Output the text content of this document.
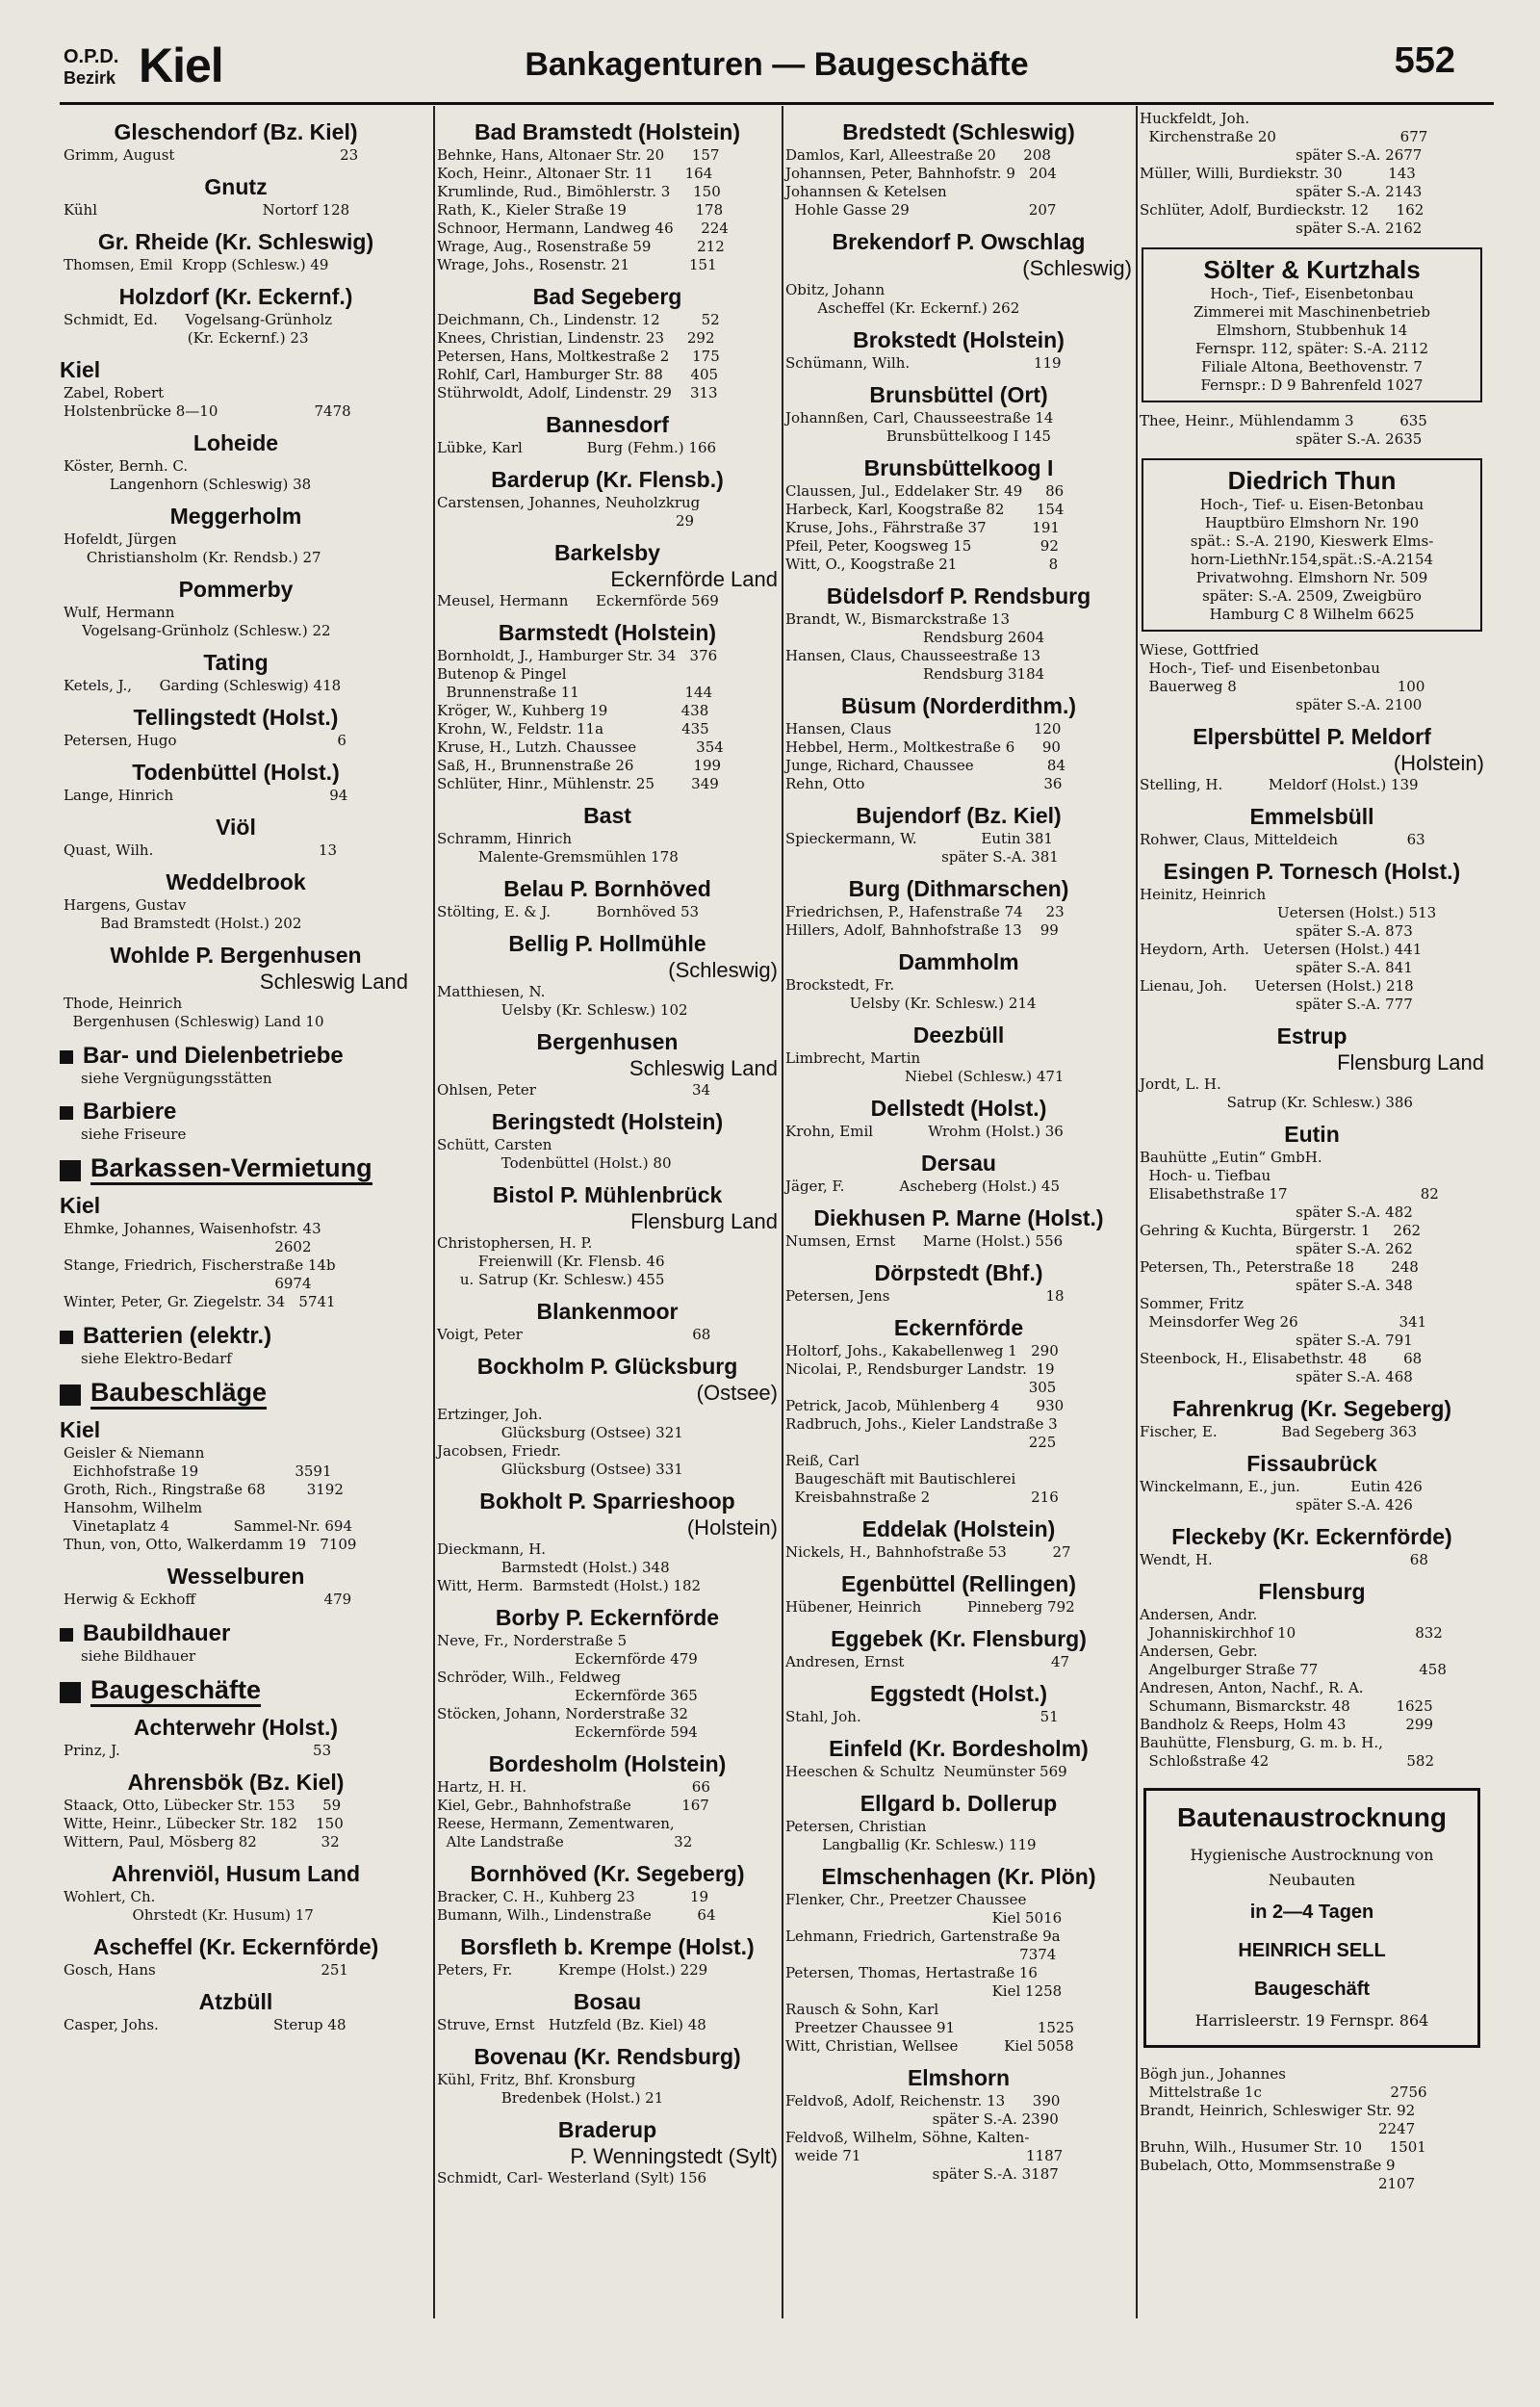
O.P.D.
Bezirk Kiel	Bankagenturen — Baugeschäfte	552
Gleschendorf (Bz. Kiel)
Grimm, August                                    23
Gnutz
Kühl                                    Nortorf 128
Gr. Rheide (Kr. Schleswig)
Thomsen, Emil  Kropp (Schlesw.) 49
Holzdorf (Kr. Eckernf.)
Schmidt, Ed.      Vogelsang-Grünholz
(Kr. Eckernf.) 23
Kiel
Zabel, Robert
Holstenbrücke 8—10                     7478
Loheide
Köster, Bernh. C.
Langenhorn (Schleswig) 38
Meggerholm
Hofeldt, Jürgen
Christiansholm (Kr. Rendsb.) 27
Pommerby
Wulf, Hermann
Vogelsang-Grünholz (Schlesw.) 22
Tating
Ketels, J.,      Garding (Schleswig) 418
Tellingstedt (Holst.)
Petersen, Hugo                                   6
Todenbüttel (Holst.)
Lange, Hinrich                                  94
Viöl
Quast, Wilh.                                    13
Weddelbrook
Hargens, Gustav
Bad Bramstedt (Holst.) 202
Wohlde P. Bergenhusen
Schleswig Land
Thode, Heinrich
Bergenhusen (Schleswig) Land 10
Bar- und Dielenbetriebe
siehe Vergnügungsstätten
Barbiere
siehe Friseure
Barkassen-Vermietung
Kiel
Ehmke, Johannes, Waisenhofstr. 43
2602
Stange, Friedrich, Fischerstraße 14b
6974
Winter, Peter, Gr. Ziegelstr. 34   5741
Batterien (elektr.)
siehe Elektro-Bedarf
Baubeschläge
Kiel
Geisler & Niemann
Eichhofstraße 19                     3591
Groth, Rich., Ringstraße 68         3192
Hansohm, Wilhelm
Vinetaplatz 4              Sammel-Nr. 694
Thun, von, Otto, Walkerdamm 19   7109
Wesselburen
Herwig & Eckhoff                            479
Baubildhauer
siehe Bildhauer
Baugeschäfte
Achterwehr (Holst.)
Prinz, J.                                          53
Ahrensbök (Bz. Kiel)
Staack, Otto, Lübecker Str. 153      59
Witte, Heinr., Lübecker Str. 182    150
Wittern, Paul, Mösberg 82              32
Ahrenviöl, Husum Land
Wohlert, Ch.
Ohrstedt (Kr. Husum) 17
Ascheffel (Kr. Eckernförde)
Gosch, Hans                                    251
Atzbüll
Casper, Johs.                         Sterup 48
Bad Bramstedt (Holstein)
Behnke, Hans, Altonaer Str. 20      157
Koch, Heinr., Altonaer Str. 11       164
Krumlinde, Rud., Bimöhlerstr. 3     150
Rath, K., Kieler Straße 19               178
Schnoor, Hermann, Landweg 46      224
Wrage, Aug., Rosenstraße 59          212
Wrage, Johs., Rosenstr. 21             151
Bad Segeberg
Deichmann, Ch., Lindenstr. 12         52
Knees, Christian, Lindenstr. 23     292
Petersen, Hans, Moltkestraße 2     175
Rohlf, Carl, Hamburger Str. 88      405
Stührwoldt, Adolf, Lindenstr. 29    313
Bannesdorf
Lübke, Karl              Burg (Fehm.) 166
Barderup (Kr. Flensb.)
Carstensen, Johannes, Neuholzkrug
29
Barkelsby
Eckernförde Land
Meusel, Hermann      Eckernförde 569
Barmstedt (Holstein)
Bornholdt, J., Hamburger Str. 34   376
Butenop & Pingel
Brunnenstraße 11                       144
Kröger, W., Kuhberg 19                438
Krohn, W., Feldstr. 11a                 435
Kruse, H., Lutzh. Chaussee             354
Saß, H., Brunnenstraße 26             199
Schlüter, Hinr., Mühlenstr. 25        349
Bast
Schramm, Hinrich
Malente-Gremsmühlen 178
Belau P. Bornhöved
Stölting, E. & J.          Bornhöved 53
Bellig P. Hollmühle
(Schleswig)
Matthiesen, N.
Uelsby (Kr. Schlesw.) 102
Bergenhusen
Schleswig Land
Ohlsen, Peter                                  34
Beringstedt (Holstein)
Schütt, Carsten
Todenbüttel (Holst.) 80
Bistol P. Mühlenbrück
Flensburg Land
Christophersen, H. P.
Freienwill (Kr. Flensb. 46
u. Satrup (Kr. Schlesw.) 455
Blankenmoor
Voigt, Peter                                     68
Bockholm P. Glücksburg
(Ostsee)
Ertzinger, Joh.
Glücksburg (Ostsee) 321
Jacobsen, Friedr.
Glücksburg (Ostsee) 331
Bokholt P. Sparrieshoop
(Holstein)
Dieckmann, H.
Barmstedt (Holst.) 348
Witt, Herm.  Barmstedt (Holst.) 182
Borby P. Eckernförde
Neve, Fr., Norderstraße 5
Eckernförde 479
Schröder, Wilh., Feldweg
Eckernförde 365
Stöcken, Johann, Norderstraße 32
Eckernförde 594
Bordesholm (Holstein)
Hartz, H. H.                                    66
Kiel, Gebr., Bahnhofstraße           167
Reese, Hermann, Zementwaren,
Alte Landstraße                        32
Bornhöved (Kr. Segeberg)
Bracker, C. H., Kuhberg 23            19
Bumann, Wilh., Lindenstraße          64
Borsfleth b. Krempe (Holst.)
Peters, Fr.          Krempe (Holst.) 229
Bosau
Struve, Ernst   Hutzfeld (Bz. Kiel) 48
Bovenau (Kr. Rendsburg)
Kühl, Fritz, Bhf. Kronsburg
Bredenbek (Holst.) 21
Braderup
P. Wenningstedt (Sylt)
Schmidt, Carl- Westerland (Sylt) 156
Bredstedt (Schleswig)
Damlos, Karl, Alleestraße 20      208
Johannsen, Peter, Bahnhofstr. 9   204
Johannsen & Ketelsen
Hohle Gasse 29                          207
Brekendorf P. Owschlag
(Schleswig)
Obitz, Johann
Ascheffel (Kr. Eckernf.) 262
Brokstedt (Holstein)
Schümann, Wilh.                           119
Brunsbüttel (Ort)
Johannßen, Carl, Chausseestraße 14
Brunsbüttelkoog I 145
Brunsbüttelkoog I
Claussen, Jul., Eddelaker Str. 49     86
Harbeck, Karl, Koogstraße 82       154
Kruse, Johs., Fährstraße 37          191
Pfeil, Peter, Koogsweg 15               92
Witt, O., Koogstraße 21                    8
Büdelsdorf P. Rendsburg
Brandt, W., Bismarckstraße 13
Rendsburg 2604
Hansen, Claus, Chausseestraße 13
Rendsburg 3184
Büsum (Norderdithm.)
Hansen, Claus                               120
Hebbel, Herm., Moltkestraße 6      90
Junge, Richard, Chaussee                84
Rehn, Otto                                       36
Bujendorf (Bz. Kiel)
Spieckermann, W.              Eutin 381
später S.-A. 381
Burg (Dithmarschen)
Friedrichsen, P., Hafenstraße 74     23
Hillers, Adolf, Bahnhofstraße 13    99
Dammholm
Brockstedt, Fr.
Uelsby (Kr. Schlesw.) 214
Deezbüll
Limbrecht, Martin
Niebel (Schlesw.) 471
Dellstedt (Holst.)
Krohn, Emil            Wrohm (Holst.) 36
Dersau
Jäger, F.            Ascheberg (Holst.) 45
Diekhusen P. Marne (Holst.)
Numsen, Ernst      Marne (Holst.) 556
Dörpstedt (Bhf.)
Petersen, Jens                                  18
Eckernförde
Holtorf, Johs., Kakabellenweg 1   290
Nicolai, P., Rendsburger Landstr.  19
305
Petrick, Jacob, Mühlenberg 4        930
Radbruch, Johs., Kieler Landstraße 3
225
Reiß, Carl
Baugeschäft mit Bautischlerei
Kreisbahnstraße 2                      216
Eddelak (Holstein)
Nickels, H., Bahnhofstraße 53          27
Egenbüttel (Rellingen)
Hübener, Heinrich          Pinneberg 792
Eggebek (Kr. Flensburg)
Andresen, Ernst                                47
Eggstedt (Holst.)
Stahl, Joh.                                       51
Einfeld (Kr. Bordesholm)
Heeschen & Schultz  Neumünster 569
Ellgard b. Dollerup
Petersen, Christian
Langballig (Kr. Schlesw.) 119
Elmschenhagen (Kr. Plön)
Flenker, Chr., Preetzer Chaussee
Kiel 5016
Lehmann, Friedrich, Gartenstraße 9a
7374
Petersen, Thomas, Hertastraße 16
Kiel 1258
Rausch & Sohn, Karl
Preetzer Chaussee 91                  1525
Witt, Christian, Wellsee          Kiel 5058
Elmshorn
Feldvoß, Adolf, Reichenstr. 13      390
später S.-A. 2390
Feldvoß, Wilhelm, Söhne, Kalten-
weide 71                                    1187
später S.-A. 3187
Huckfeldt, Joh.
Kirchenstraße 20                           677
später S.-A. 2677
Müller, Willi, Burdiekstr. 30          143
später S.-A. 2143
Schlüter, Adolf, Burdieckstr. 12      162
später S.-A. 2162
Sölter & Kurtzhals
Hoch-, Tief-, Eisenbetonbau
Zimmerei mit Maschinenbetrieb
Elmshorn, Stubbenhuk 14
Fernspr. 112, später: S.-A. 2112
Filiale Altona, Beethovenstr. 7
Fernspr.: D 9 Bahrenfeld 1027
Thee, Heinr., Mühlendamm 3          635
später S.-A. 2635
Diedrich Thun
Hoch-, Tief- u. Eisen-Betonbau
Hauptbüro Elmshorn Nr. 190
spät.: S.-A. 2190, Kieswerk Elms-
horn-LiethNr.154,spät.:S.-A.2154
Privatwohng. Elmshorn Nr. 509
später: S.-A. 2509, Zweigbüro
Hamburg C 8 Wilhelm 6625
Wiese, Gottfried
Hoch-, Tief- und Eisenbetonbau
Bauerweg 8                                   100
später S.-A. 2100
Elpersbüttel P. Meldorf
(Holstein)
Stelling, H.          Meldorf (Holst.) 139
Emmelsbüll
Rohwer, Claus, Mitteldeich               63
Esingen P. Tornesch (Holst.)
Heinitz, Heinrich
Uetersen (Holst.) 513
später S.-A. 873
Heydorn, Arth.   Uetersen (Holst.) 441
später S.-A. 841
Lienau, Joh.      Uetersen (Holst.) 218
später S.-A. 777
Estrup
Flensburg Land
Jordt, L. H.
Satrup (Kr. Schlesw.) 386
Eutin
Bauhütte „Eutin“ GmbH.
Hoch- u. Tiefbau
Elisabethstraße 17                             82
später S.-A. 482
Gehring & Kuchta, Bürgerstr. 1     262
später S.-A. 262
Petersen, Th., Peterstraße 18        248
später S.-A. 348
Sommer, Fritz
Meinsdorfer Weg 26                      341
später S.-A. 791
Steenbock, H., Elisabethstr. 48        68
später S.-A. 468
Fahrenkrug (Kr. Segeberg)
Fischer, E.              Bad Segeberg 363
Fissaubrück
Winckelmann, E., jun.           Eutin 426
später S.-A. 426
Fleckeby (Kr. Eckernförde)
Wendt, H.                                           68
Flensburg
Andersen, Andr.
Johanniskirchhof 10                          832
Andersen, Gebr.
Angelburger Straße 77                      458
Andresen, Anton, Nachf., R. A.
Schumann, Bismarckstr. 48          1625
Bandholz & Reeps, Holm 43             299
Bauhütte, Flensburg, G. m. b. H.,
Schloßstraße 42                              582
Bautenaustrocknung
Hygienische Austrocknung von
Neubauten
in 2—4 Tagen
HEINRICH SELL
Baugeschäft
Harrisleerstr. 19 Fernspr. 864
Bögh jun., Johannes
Mittelstraße 1c                            2756
Brandt, Heinrich, Schleswiger Str. 92
2247
Bruhn, Wilh., Husumer Str. 10      1501
Bubelach, Otto, Mommsenstraße 9
2107
